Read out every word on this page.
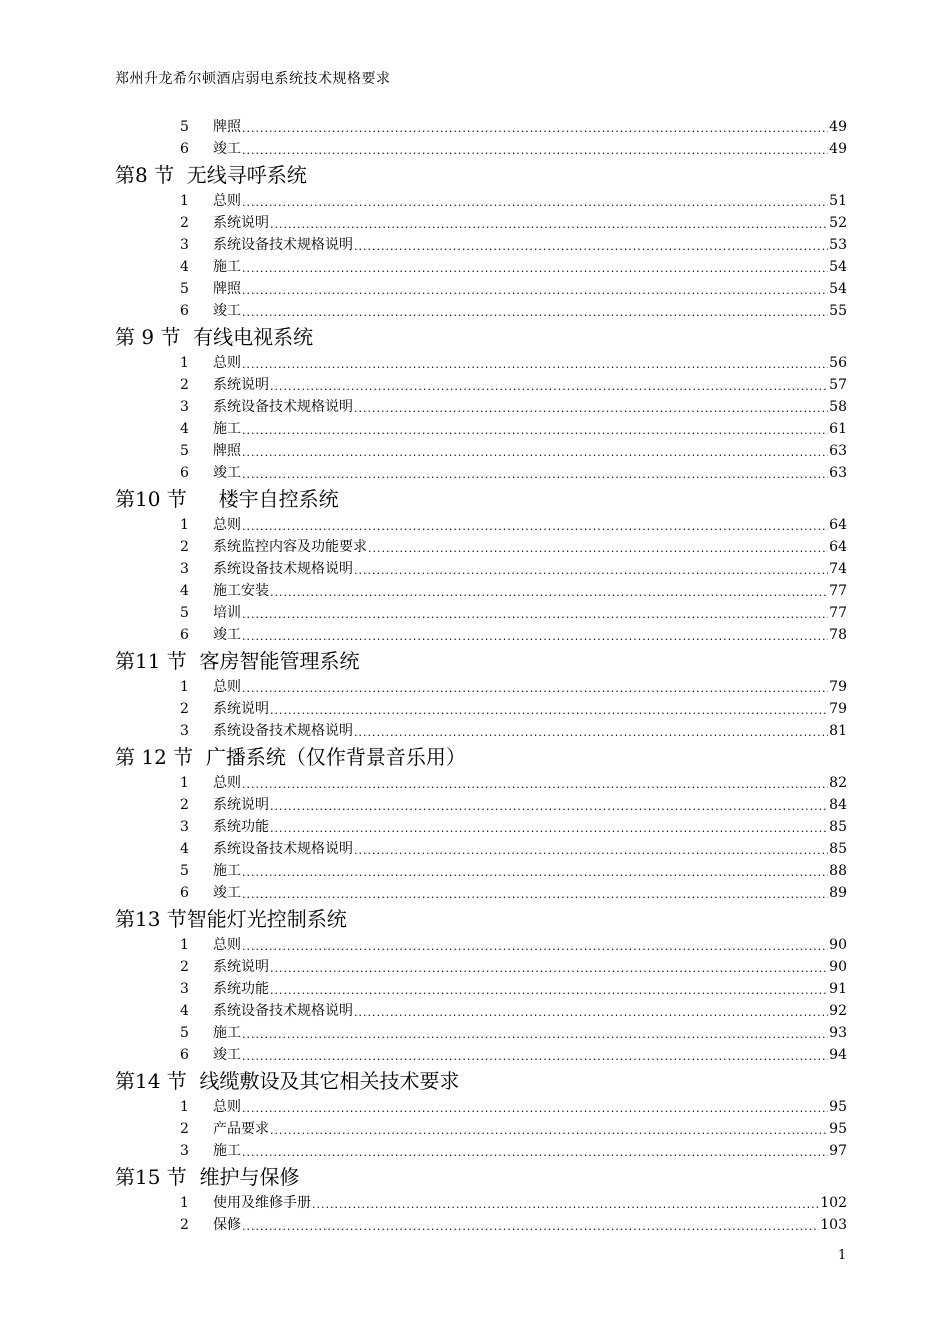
郑州升龙希尔顿酒店弱电系统技术规格要求
5	牌照 .....	49
6	竣工 .....	49
第8 节  无线寻呼系统
1	总则 .....	51
2	系统说明 .....	52
3	系统设备技术规格说明 .....	53
4	施工 .....	54
5	牌照 .....	54
6	竣工 .....	55
第 9 节  有线电视系统
1	总则 .....	56
2	系统说明 .....	57
3	系统设备技术规格说明 .....	58
4	施工 .....	61
5	牌照 .....	63
6	竣工 .....	63
第10 节     楼宇自控系统
1	总则 .....	64
2	系统监控内容及功能要求 .....	64
3	系统设备技术规格说明 .....	74
4	施工安装 .....	77
5	培训 .....	77
6	竣工 .....	78
第11 节  客房智能管理系统
1	总则 .....	79
2	系统说明 .....	79
3	系统设备技术规格说明 .....	81
第 12 节  广播系统（仅作背景音乐用）
1	总则 .....	82
2	系统说明 .....	84
3	系统功能 .....	85
4	系统设备技术规格说明 .....	85
5	施工 .....	88
6	竣工 .....	89
第13 节智能灯光控制系统
1	总则 .....	90
2	系统说明 .....	90
3	系统功能 .....	91
4	系统设备技术规格说明 .....	92
5	施工 .....	93
6	竣工 .....	94
第14 节  线缆敷设及其它相关技术要求
1	总则 .....	95
2	产品要求 .....	95
3	施工 .....	97
第15 节  维护与保修
1	使用及维修手册 .....	102
2	保修 .....	103
1
